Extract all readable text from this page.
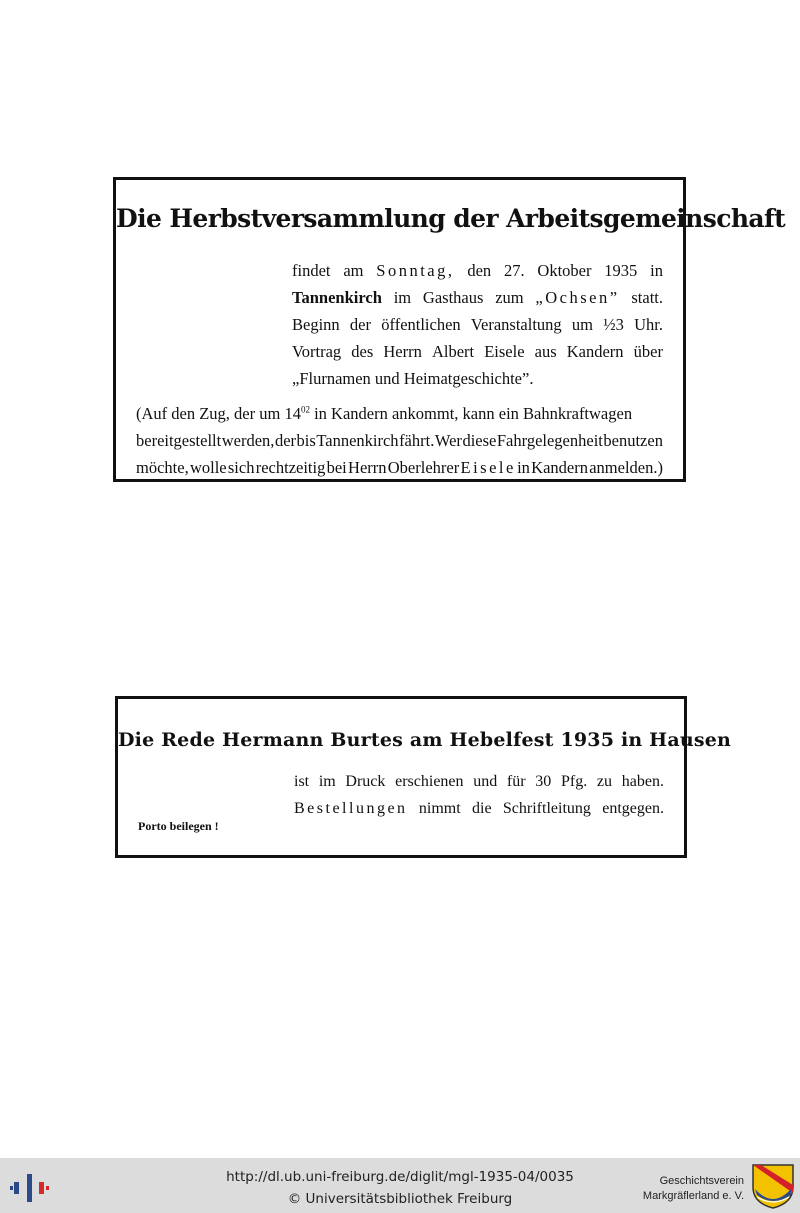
Die Herbstversammlung der Arbeitsgemeinschaft
findet am Sonntag, den 27. Oktober 1935 in
Tannenkirch im Gasthaus zum „Ochsen” statt.
Beginn der öffentlichen Veranstaltung um ½3 Uhr.
Vortrag des Herrn Albert Eisele aus Kandern über
„Flurnamen und Heimatgeschichte”.
(Auf den Zug, der um $14^{02}$ in Kandern ankommt, kann ein Bahnkraftwagen
bereitgestellt werden, der bis Tannenkirch fährt. Wer diese Fahrgelegenheit benutzen
möchte, wolle sich rechtzeitig bei Herrn Oberlehrer Eisele in Kandern anmelden.)
Die Rede Hermann Burtes am Hebelfest 1935 in Hausen
ist im Druck erschienen und für 30 Pfg. zu haben.
Bestellungen nimmt die Schriftleitung entgegen.
Porto beilegen !
http://dl.ub.uni-freiburg.de/diglit/mgl-1935-04/0035
© Universitätsbibliothek Freiburg
Geschichtsverein
Markgräflerland e. V.
